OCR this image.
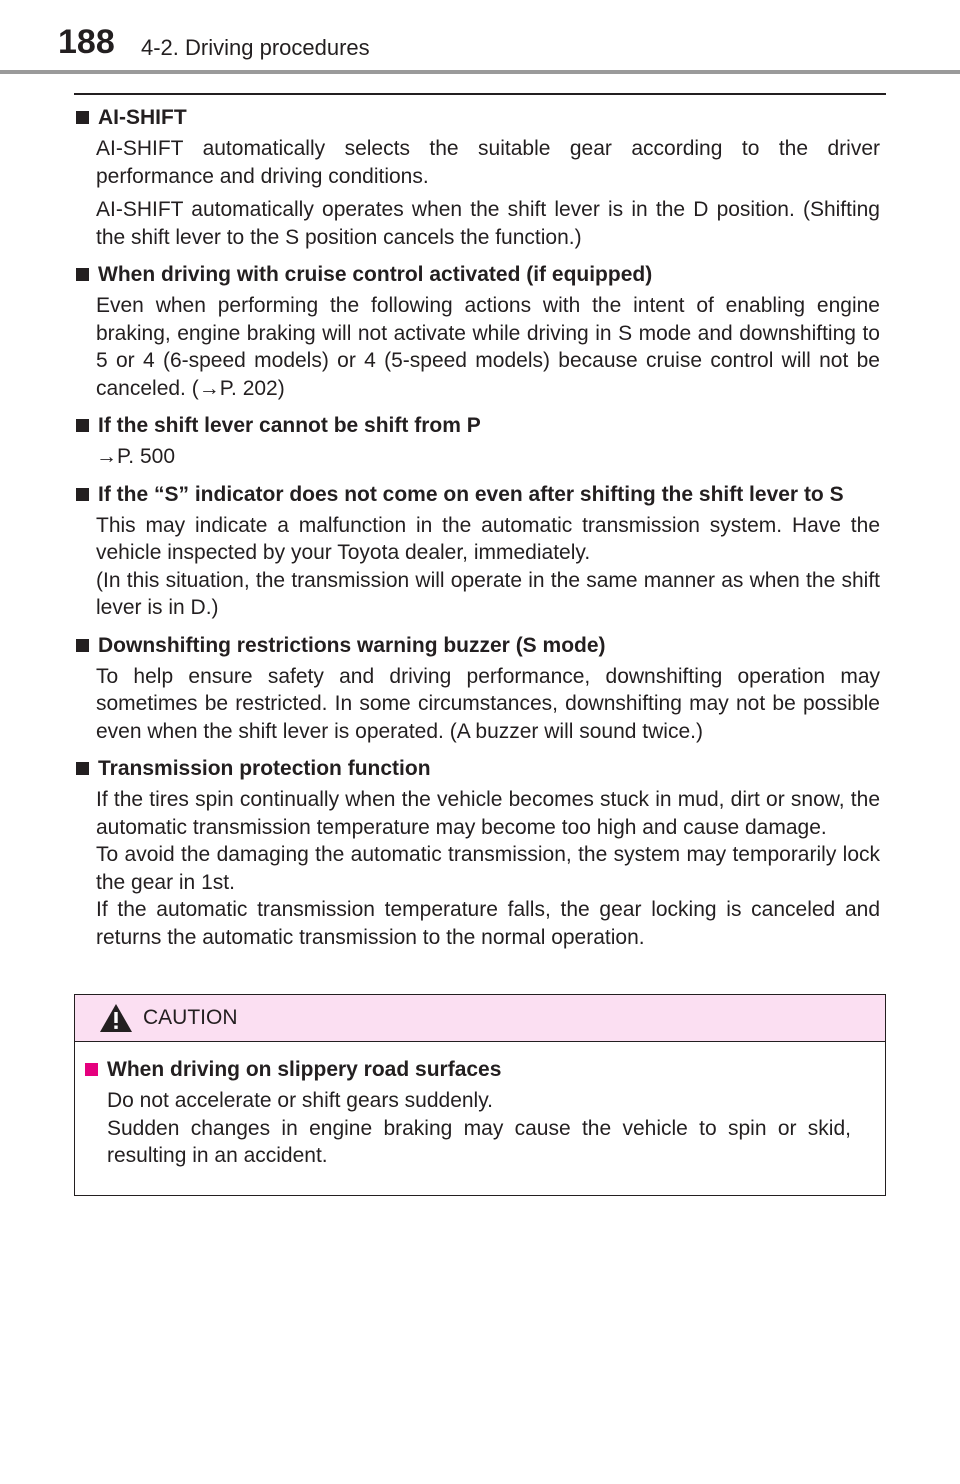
188 4-2. Driving procedures
AI-SHIFT

AI-SHIFT automatically selects the suitable gear according to the driver performance and driving conditions.

AI-SHIFT automatically operates when the shift lever is in the D position. (Shifting the shift lever to the S position cancels the function.)

When driving with cruise control activated (if equipped)

Even when performing the following actions with the intent of enabling engine braking, engine braking will not activate while driving in S mode and downshifting to 5 or 4 (6-speed models) or 4 (5-speed models) because cruise control will not be canceled. (→P. 202)

If the shift lever cannot be shift from P

→P. 500

If the “S” indicator does not come on even after shifting the shift lever to S

This may indicate a malfunction in the automatic transmission system. Have the vehicle inspected by your Toyota dealer, immediately.

(In this situation, the transmission will operate in the same manner as when the shift lever is in D.)

Downshifting restrictions warning buzzer (S mode)

To help ensure safety and driving performance, downshifting operation may sometimes be restricted. In some circumstances, downshifting may not be possible even when the shift lever is operated. (A buzzer will sound twice.)

Transmission protection function

If the tires spin continually when the vehicle becomes stuck in mud, dirt or snow, the automatic transmission temperature may become too high and cause damage.

To avoid the damaging the automatic transmission, the system may temporarily lock the gear in 1st.

If the automatic transmission temperature falls, the gear locking is canceled and returns the automatic transmission to the normal operation.

CAUTION
When driving on slippery road surfaces

Do not accelerate or shift gears suddenly.

Sudden changes in engine braking may cause the vehicle to spin or skid, resulting in an accident.
